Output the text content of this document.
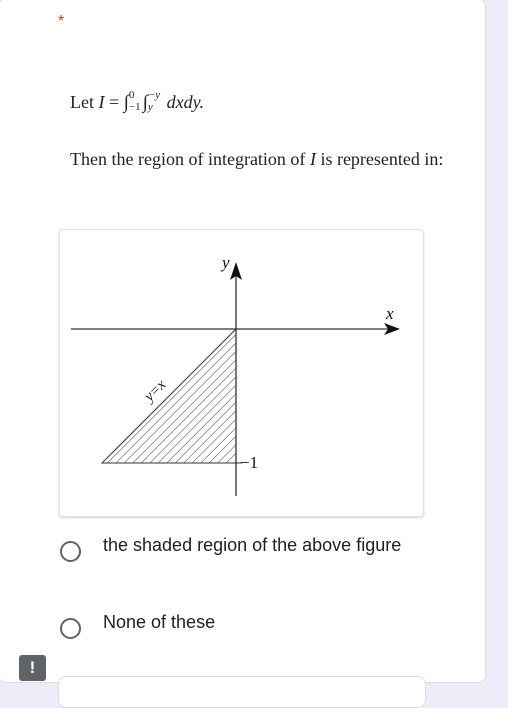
*
Let I = ∫ 0
−1 ∫ −y
y dxdy.
Then the region of integration of I is represented in:
y
x
y=x
−1
the shaded region of the above figure
None of these
!
